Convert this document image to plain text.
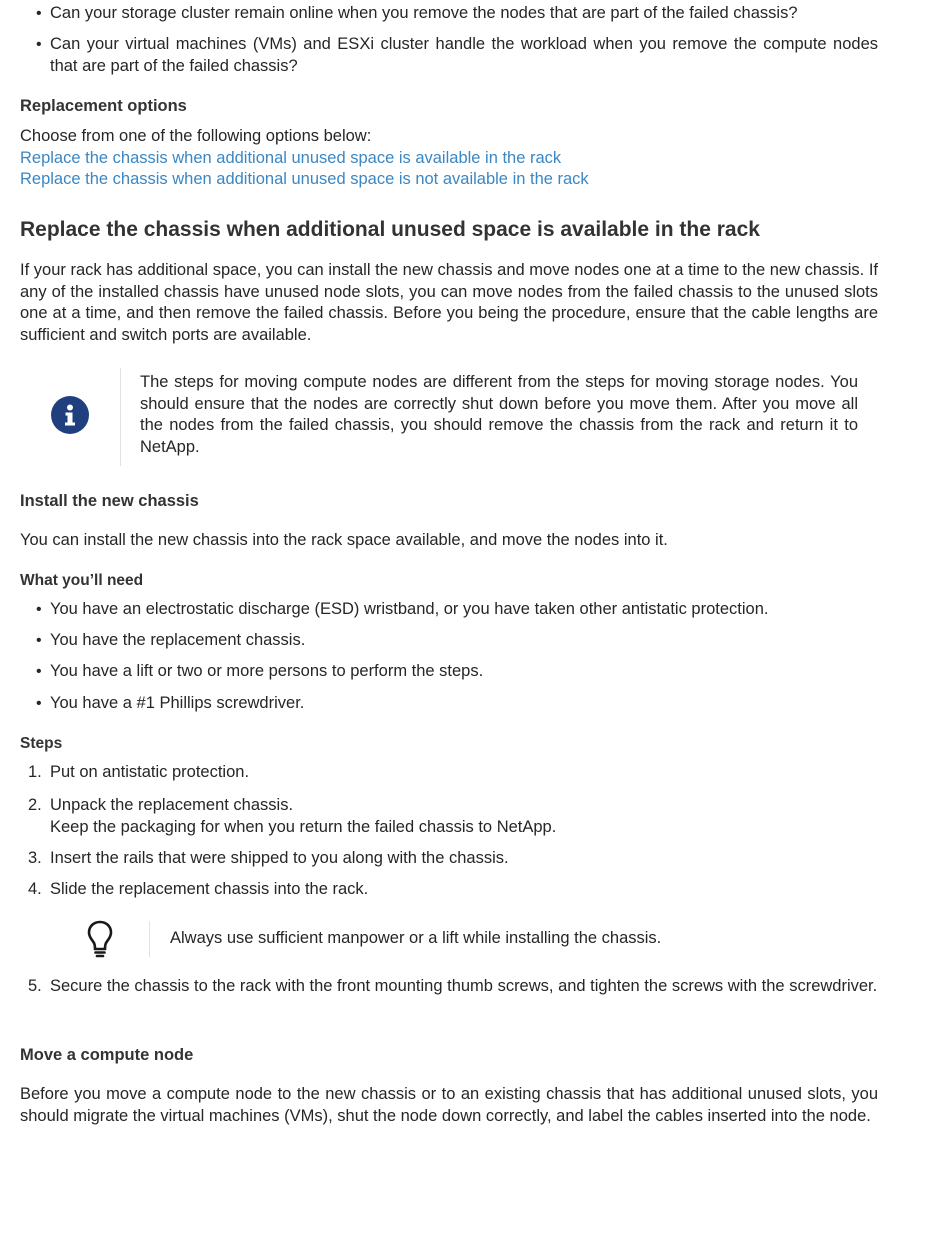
• Can your storage cluster remain online when you remove the nodes that are part of the failed chassis?
• Can your virtual machines (VMs) and ESXi cluster handle the workload when you remove the compute nodes that are part of the failed chassis?
Replacement options
Choose from one of the following options below:
Replace the chassis when additional unused space is available in the rack
Replace the chassis when additional unused space is not available in the rack
Replace the chassis when additional unused space is available in the rack
If your rack has additional space, you can install the new chassis and move nodes one at a time to the new chassis. If any of the installed chassis have unused node slots, you can move nodes from the failed chassis to the unused slots one at a time, and then remove the failed chassis. Before you being the procedure, ensure that the cable lengths are sufficient and switch ports are available.
The steps for moving compute nodes are different from the steps for moving storage nodes. You should ensure that the nodes are correctly shut down before you move them. After you move all the nodes from the failed chassis, you should remove the chassis from the rack and return it to NetApp.
Install the new chassis
You can install the new chassis into the rack space available, and move the nodes into it.
What you’ll need
• You have an electrostatic discharge (ESD) wristband, or you have taken other antistatic protection.
• You have the replacement chassis.
• You have a lift or two or more persons to perform the steps.
• You have a #1 Phillips screwdriver.
Steps
1. Put on antistatic protection.
2. Unpack the replacement chassis.
Keep the packaging for when you return the failed chassis to NetApp.
3. Insert the rails that were shipped to you along with the chassis.
4. Slide the replacement chassis into the rack.
Always use sufficient manpower or a lift while installing the chassis.
5. Secure the chassis to the rack with the front mounting thumb screws, and tighten the screws with the screwdriver.
Move a compute node
Before you move a compute node to the new chassis or to an existing chassis that has additional unused slots, you should migrate the virtual machines (VMs), shut the node down correctly, and label the cables inserted into the node.
